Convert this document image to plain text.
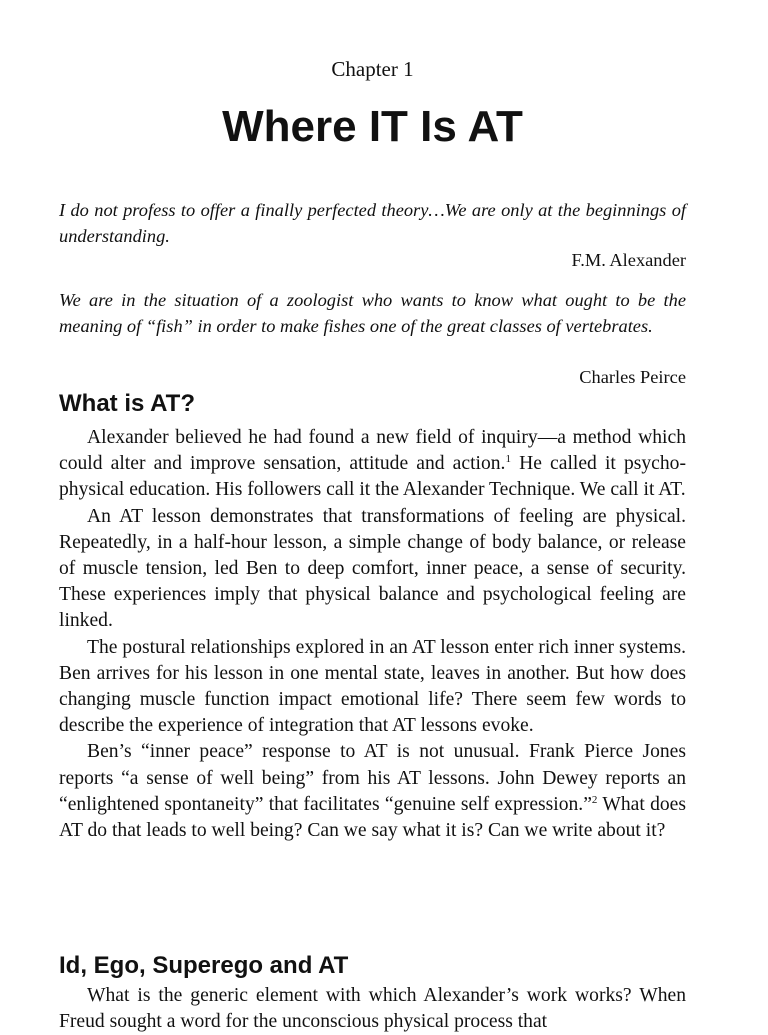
Chapter 1
Where IT Is AT

I do not profess to offer a finally perfected theory…We are only at the beginnings of understanding.

F.M. Alexander

We are in the situation of a zoologist who wants to know what ought to be the meaning of “fish” in order to make fishes one of the great classes of vertebrates.

Charles Peirce

What is AT?

Alexander believed he had found a new field of inquiry—a method which could alter and improve sensation, attitude and action.$^1$ He called it psycho-physical education. His followers call it the Alexander Technique. We call it AT.

An AT lesson demonstrates that transformations of feeling are physical. Repeatedly, in a half-hour lesson, a simple change of body balance, or release of muscle tension, led Ben to deep comfort, inner peace, a sense of security. These experiences imply that physical balance and psychological feeling are linked.

The postural relationships explored in an AT lesson enter rich inner systems. Ben arrives for his lesson in one mental state, leaves in another. But how does changing muscle function impact emotional life? There seem few words to describe the experience of integration that AT lessons evoke.

Ben’s “inner peace” response to AT is not unusual. Frank Pierce Jones reports “a sense of well being” from his AT lessons. John Dewey reports an “enlightened spontaneity” that facilitates “genuine self expression.”$^2$ What does AT do that leads to well being? Can we say what it is? Can we write about it?

Id, Ego, Superego and AT

What is the generic element with which Alexander’s work works? When Freud sought a word for the unconscious physical process that
